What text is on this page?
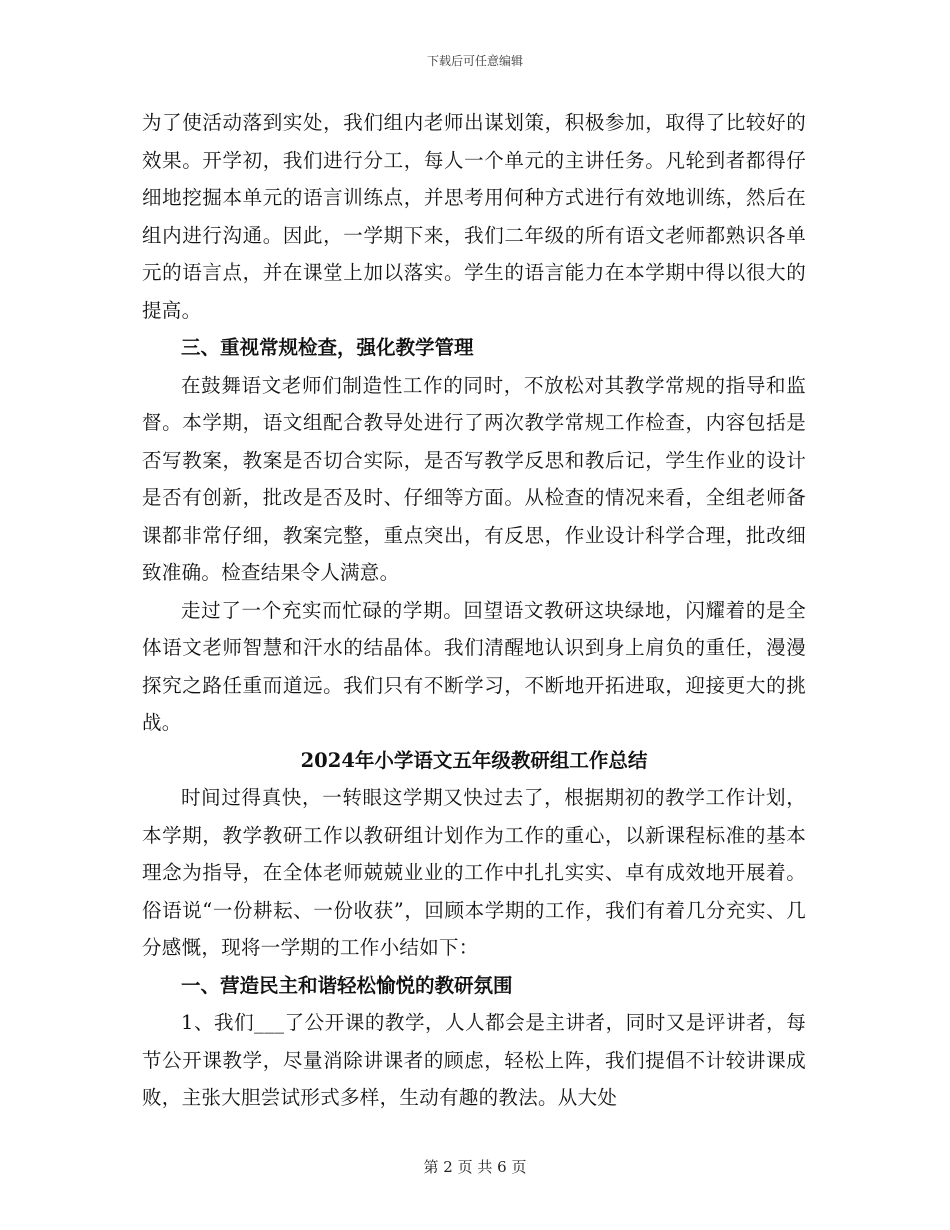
下载后可任意编辑

为了使活动落到实处，我们组内老师出谋划策，积极参加，取得了比较好的效果。开学初，我们进行分工，每人一个单元的主讲任务。凡轮到者都得仔细地挖掘本单元的语言训练点，并思考用何种方式进行有效地训练，然后在组内进行沟通。因此，一学期下来，我们二年级的所有语文老师都熟识各单元的语言点，并在课堂上加以落实。学生的语言能力在本学期中得以很大的提高。

三、重视常规检查，强化教学管理

在鼓舞语文老师们制造性工作的同时，不放松对其教学常规的指导和监督。本学期，语文组配合教导处进行了两次教学常规工作检查，内容包括是否写教案，教案是否切合实际，是否写教学反思和教后记，学生作业的设计是否有创新，批改是否及时、仔细等方面。从检查的情况来看，全组老师备课都非常仔细，教案完整，重点突出，有反思，作业设计科学合理，批改细致准确。检查结果令人满意。

走过了一个充实而忙碌的学期。回望语文教研这块绿地，闪耀着的是全体语文老师智慧和汗水的结晶体。我们清醒地认识到身上肩负的重任，漫漫探究之路任重而道远。我们只有不断学习，不断地开拓进取，迎接更大的挑战。

2024年小学语文五年级教研组工作总结

时间过得真快，一转眼这学期又快过去了，根据期初的教学工作计划，本学期，教学教研工作以教研组计划作为工作的重心，以新课程标准的基本理念为指导，在全体老师兢兢业业的工作中扎扎实实、卓有成效地开展着。俗语说“一份耕耘、一份收获”，回顾本学期的工作，我们有着几分充实、几分感慨，现将一学期的工作小结如下：

一、营造民主和谐轻松愉悦的教研氛围

1、我们___了公开课的教学，人人都会是主讲者，同时又是评讲者，每节公开课教学，尽量消除讲课者的顾虑，轻松上阵，我们提倡不计较讲课成败，主张大胆尝试形式多样，生动有趣的教法。从大处

第 2 页 共 6 页
